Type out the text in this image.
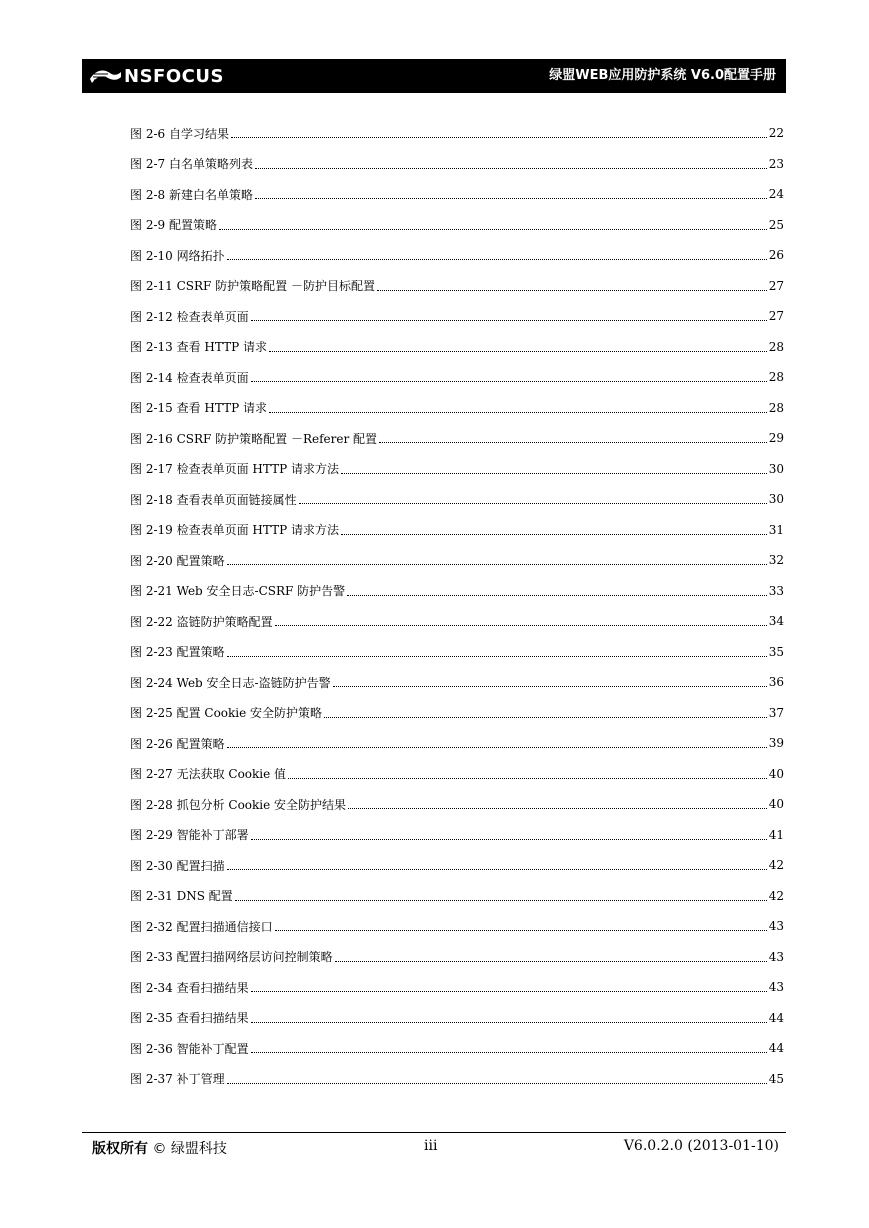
NSFOCUS	绿盟WEB应用防护系统 V6.0配置手册
图 2-6 自学习结果	22
图 2-7 白名单策略列表	23
图 2-8 新建白名单策略	24
图 2-9 配置策略	25
图 2-10 网络拓扑	26
图 2-11 CSRF 防护策略配置 －防护目标配置	27
图 2-12 检查表单页面	27
图 2-13 查看 HTTP 请求	28
图 2-14 检查表单页面	28
图 2-15 查看 HTTP 请求	28
图 2-16 CSRF 防护策略配置 －Referer 配置	29
图 2-17 检查表单页面 HTTP 请求方法	30
图 2-18 查看表单页面链接属性	30
图 2-19 检查表单页面 HTTP 请求方法	31
图 2-20 配置策略	32
图 2-21 Web 安全日志-CSRF 防护告警	33
图 2-22 盗链防护策略配置	34
图 2-23 配置策略	35
图 2-24 Web 安全日志-盗链防护告警	36
图 2-25 配置 Cookie 安全防护策略	37
图 2-26 配置策略	39
图 2-27 无法获取 Cookie 值	40
图 2-28 抓包分析 Cookie 安全防护结果	40
图 2-29 智能补丁部署	41
图 2-30 配置扫描	42
图 2-31 DNS 配置	42
图 2-32 配置扫描通信接口	43
图 2-33 配置扫描网络层访问控制策略	43
图 2-34 查看扫描结果	43
图 2-35 查看扫描结果	44
图 2-36 智能补丁配置	44
图 2-37 补丁管理	45
版权所有 © 绿盟科技	iii	V6.0.2.0 (2013-01-10)
